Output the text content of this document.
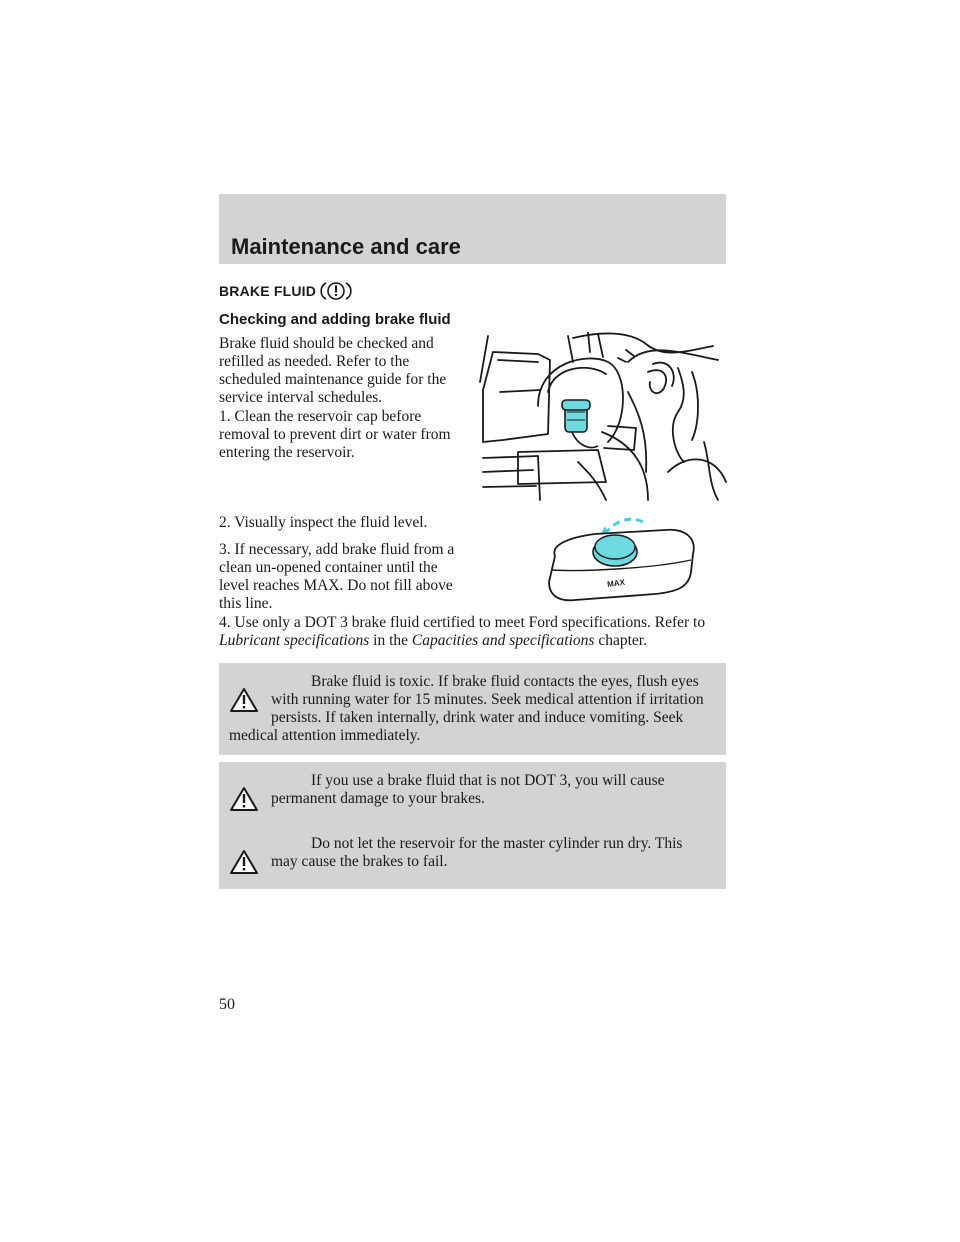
Maintenance and care
BRAKE FLUID
Checking and adding brake fluid
Brake fluid should be checked and refilled as needed. Refer to the scheduled maintenance guide for the service interval schedules.
1. Clean the reservoir cap before removal to prevent dirt or water from entering the reservoir.
2. Visually inspect the fluid level.
3. If necessary, add brake fluid from a clean un-opened container until the level reaches MAX. Do not fill above this line.
4. Use only a DOT 3 brake fluid certified to meet Ford specifications. Refer to Lubricant specifications in the Capacities and specifications chapter.
MAX
Brake fluid is toxic. If brake fluid contacts the eyes, flush eyes with running water for 15 minutes. Seek medical attention if irritation persists. If taken internally, drink water and induce vomiting. Seek medical attention immediately.
If you use a brake fluid that is not DOT 3, you will cause permanent damage to your brakes.
Do not let the reservoir for the master cylinder run dry. This may cause the brakes to fail.
50
